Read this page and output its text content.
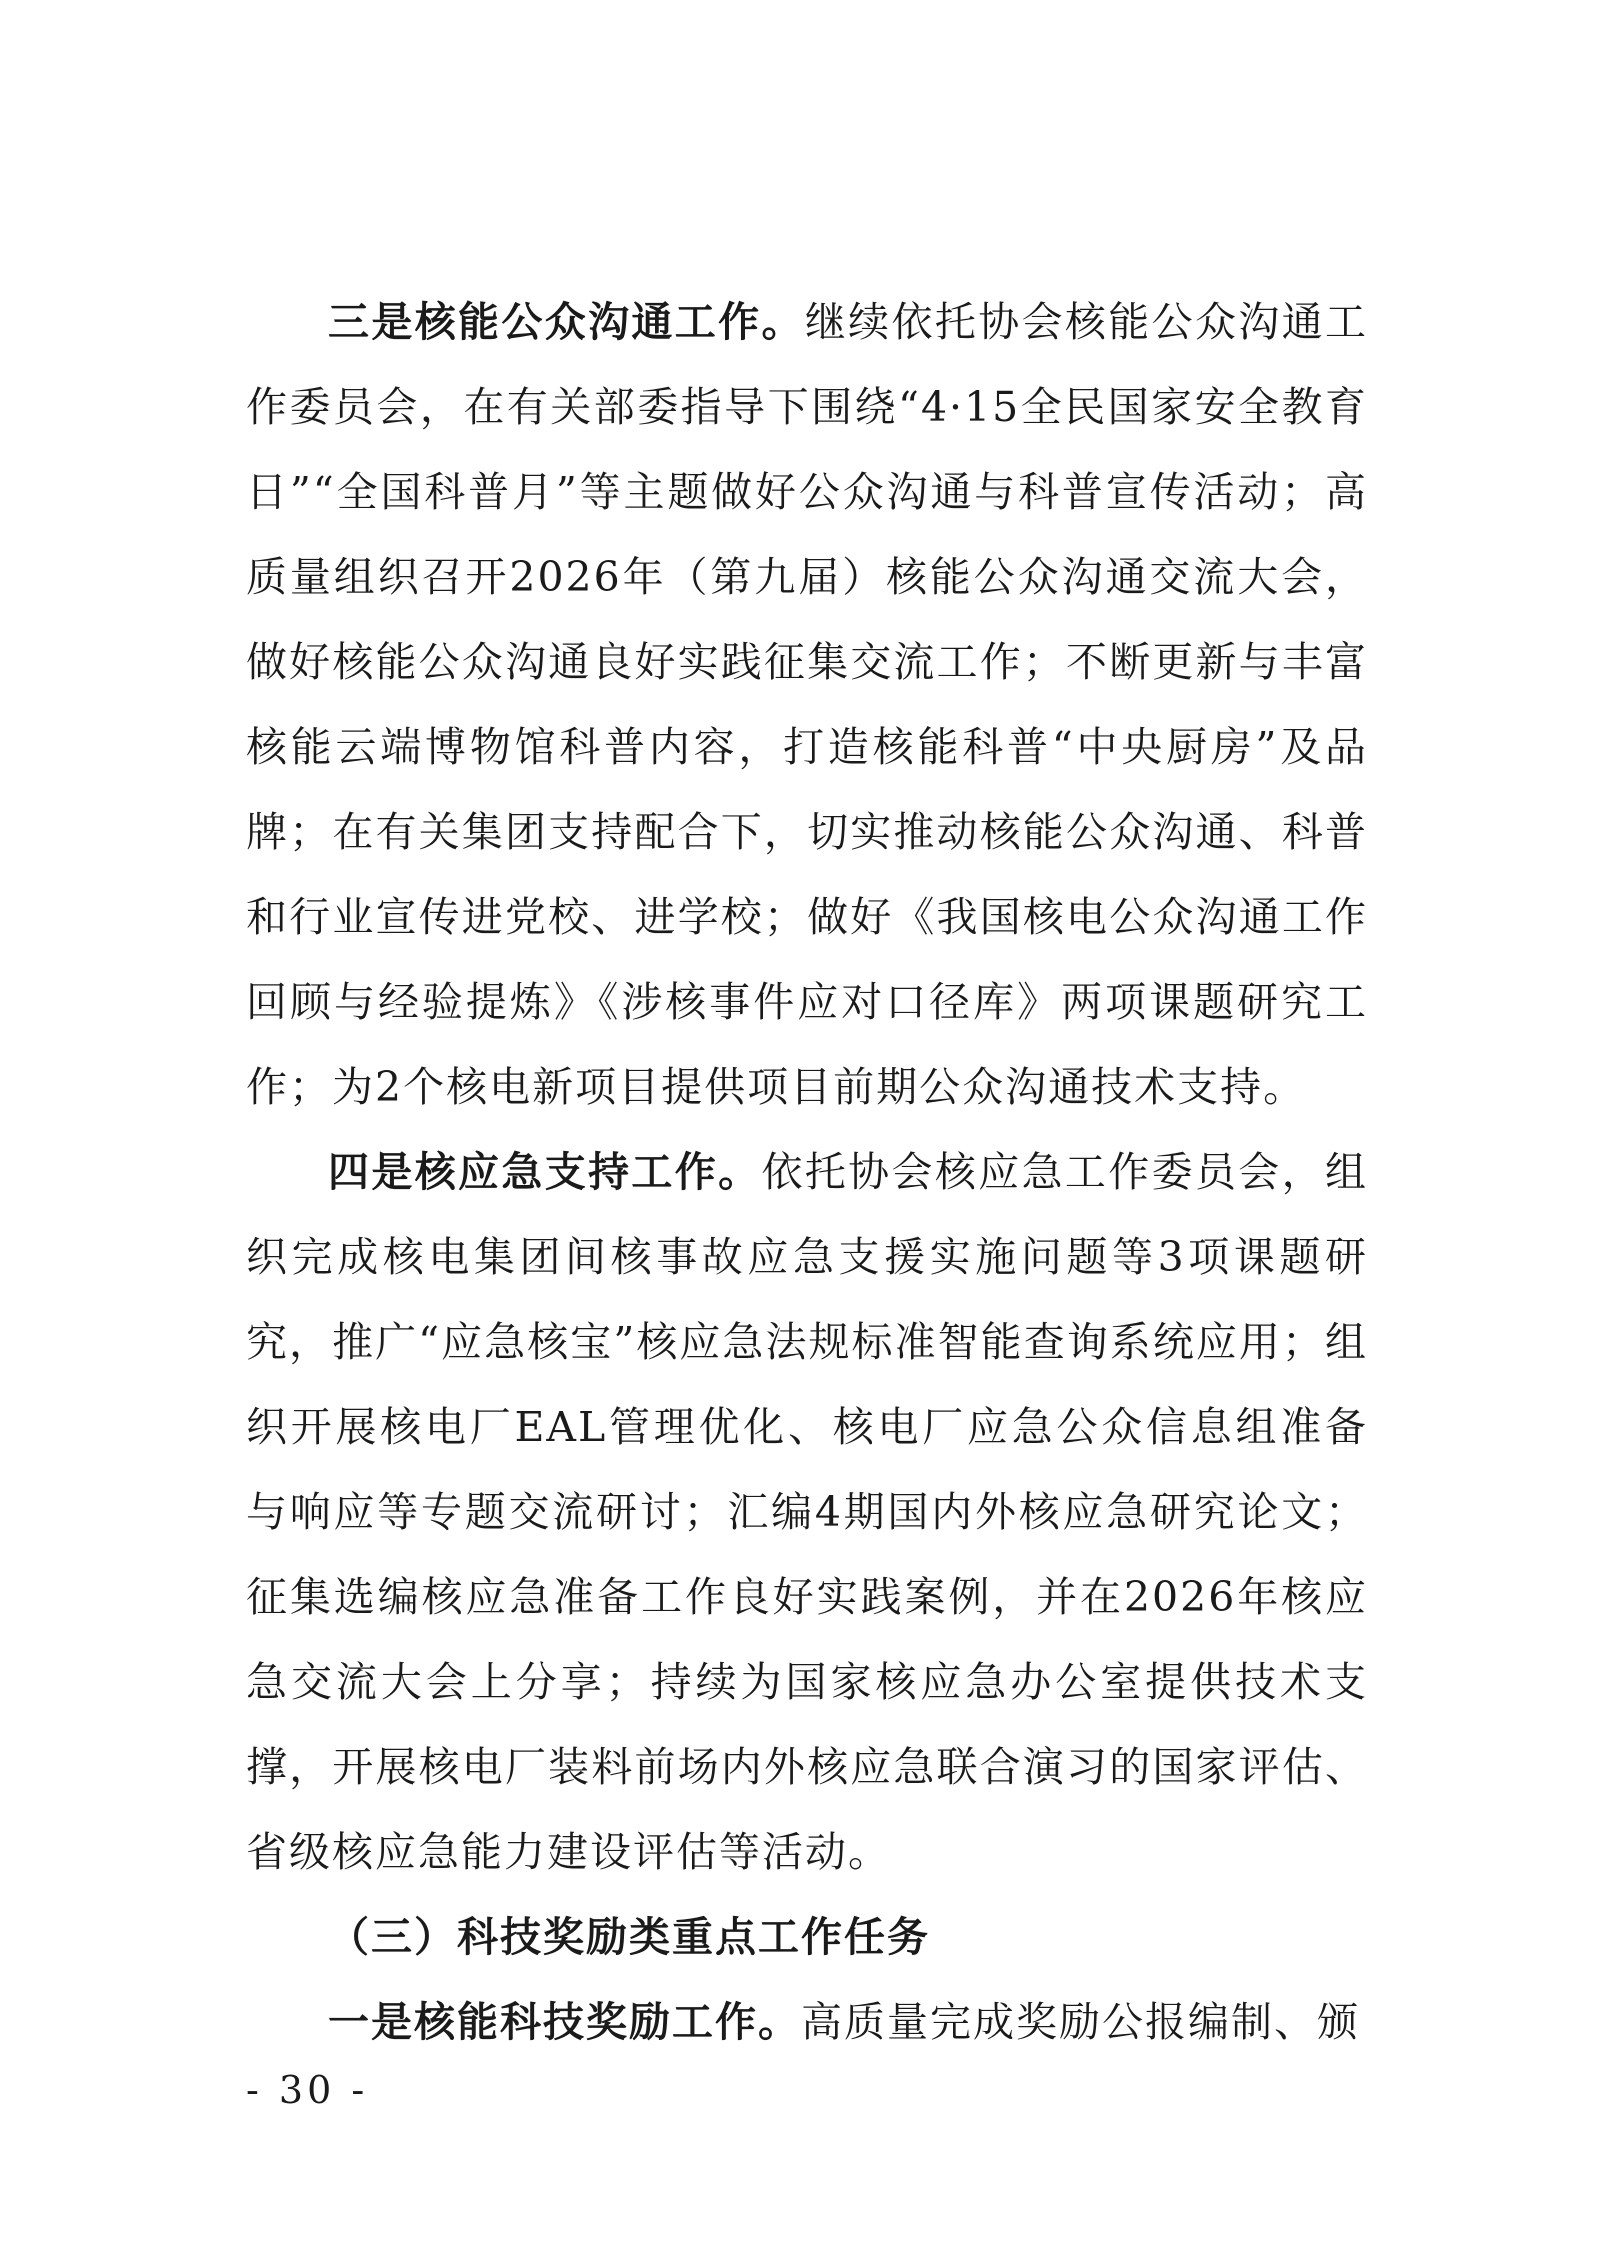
三是核能公众沟通工作。继续依托协会核能公众沟通工作委员会，在有关部委指导下围绕“4·15全民国家安全教育日”“全国科普月”等主题做好公众沟通与科普宣传活动；高质量组织召开2026年（第九届）核能公众沟通交流大会，做好核能公众沟通良好实践征集交流工作；不断更新与丰富核能云端博物馆科普内容，打造核能科普“中央厨房”及品牌；在有关集团支持配合下，切实推动核能公众沟通、科普和行业宣传进党校、进学校；做好《我国核电公众沟通工作回顾与经验提炼》《涉核事件应对口径库》两项课题研究工作；为2个核电新项目提供项目前期公众沟通技术支持。

四是核应急支持工作。依托协会核应急工作委员会，组织完成核电集团间核事故应急支援实施问题等3项课题研究，推广“应急核宝”核应急法规标准智能查询系统应用；组织开展核电厂EAL管理优化、核电厂应急公众信息组准备与响应等专题交流研讨；汇编4期国内外核应急研究论文；征集选编核应急准备工作良好实践案例，并在2026年核应急交流大会上分享；持续为国家核应急办公室提供技术支撑，开展核电厂装料前场内外核应急联合演习的国家评估、省级核应急能力建设评估等活动。

（三）科技奖励类重点工作任务

一是核能科技奖励工作。高质量完成奖励公报编制、颁

- 30 -
